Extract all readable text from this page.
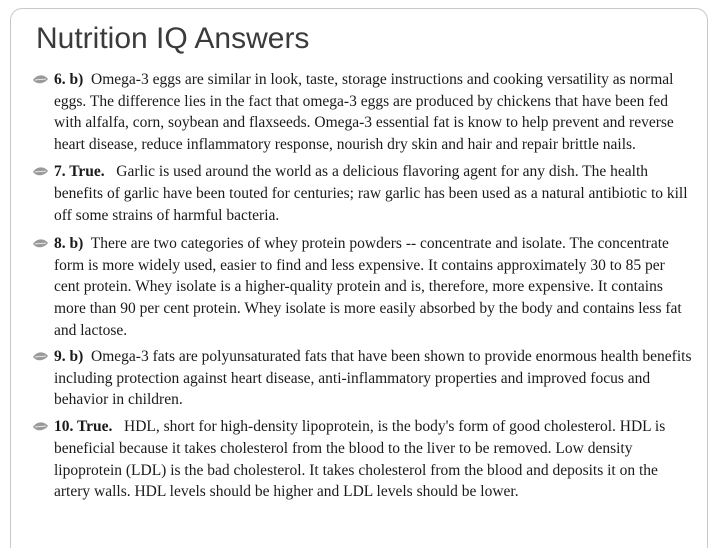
Nutrition IQ Answers
6. b) Omega-3 eggs are similar in look, taste, storage instructions and cooking versatility as normal eggs. The difference lies in the fact that omega-3 eggs are produced by chickens that have been fed with alfalfa, corn, soybean and flaxseeds. Omega-3 essential fat is know to help prevent and reverse heart disease, reduce inflammatory response, nourish dry skin and hair and repair brittle nails.
7. True. Garlic is used around the world as a delicious flavoring agent for any dish. The health benefits of garlic have been touted for centuries; raw garlic has been used as a natural antibiotic to kill off some strains of harmful bacteria.
8. b) There are two categories of whey protein powders -- concentrate and isolate. The concentrate form is more widely used, easier to find and less expensive. It contains approximately 30 to 85 per cent protein. Whey isolate is a higher-quality protein and is, therefore, more expensive. It contains more than 90 per cent protein. Whey isolate is more easily absorbed by the body and contains less fat and lactose.
9. b) Omega-3 fats are polyunsaturated fats that have been shown to provide enormous health benefits including protection against heart disease, anti-inflammatory properties and improved focus and behavior in children.
10. True. HDL, short for high-density lipoprotein, is the body's form of good cholesterol. HDL is beneficial because it takes cholesterol from the blood to the liver to be removed. Low density lipoprotein (LDL) is the bad cholesterol. It takes cholesterol from the blood and deposits it on the artery walls. HDL levels should be higher and LDL levels should be lower.
